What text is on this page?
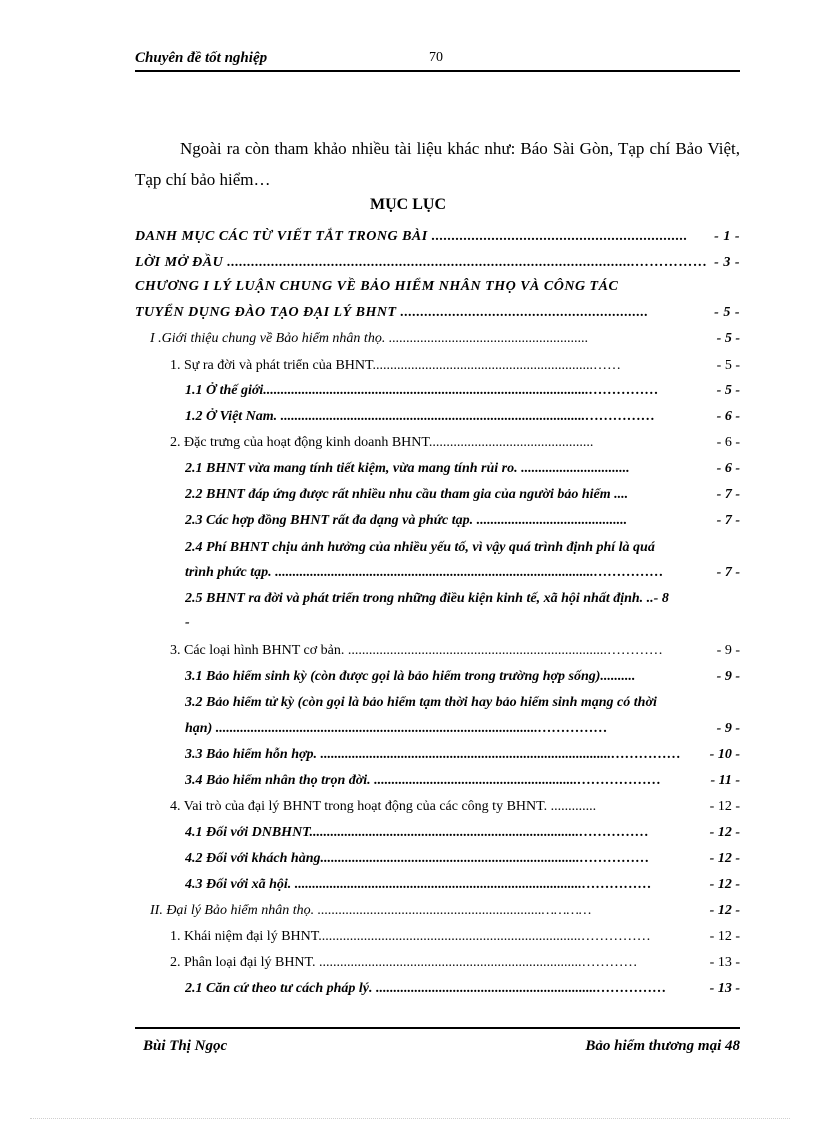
Chuyên đề tốt nghiệp	70
Ngoài ra còn tham khảo nhiều tài liệu khác như: Báo Sài Gòn, Tạp chí Bảo Việt, Tạp chí bảo hiểm…
MỤC LỤC
DANH MỤC CÁC TỪ VIẾT TẮT TRONG BÀI ................................................................ - 1 -
LỜI MỞ ĐẦU ......................................................................................................…………… - 3 -
CHƯƠNG I LÝ LUẬN CHUNG VỀ BẢO HIỂM NHÂN THỌ VÀ CÔNG TÁC
TUYỂN DỤNG ĐÀO TẠO ĐẠI LÝ BHNT ..............................................................	- 5 -
I .Giới thiệu chung về Bảo hiểm nhân thọ. .........................................................	- 5 -
1. Sự ra đời và phát triển của BHNT...............................................................……	- 5 -
1.1 Ở thế giới.............................................................................................……………	- 5 -
1.2 Ở Việt Nam. .......................................................................................……………	- 6 -
2. Đặc trưng của hoạt động kinh doanh BHNT...............................................	- 6 -
2.1 BHNT vừa mang tính tiết kiệm, vừa mang tính rủi ro. ...............................	- 6 -
2.2 BHNT đáp ứng được rất nhiều nhu cầu tham gia của người bảo hiểm ....	- 7 -
2.3 Các hợp đồng BHNT rất đa dạng và phức tạp. ...........................................	- 7 -
2.4 Phí BHNT chịu ảnh hưởng của nhiều yếu tố, vì vậy quá trình định phí là quá
trình phức tạp. ...........................................................................................……………	- 7 -
2.5 BHNT ra đời và phát triển trong những điều kiện kinh tế, xã hội nhất định. ..- 8
-
3. Các loại hình BHNT cơ bản. ..........................................................................…………	- 9 -
3.1 Bảo hiểm sinh kỳ (còn được gọi là bảo hiểm trong trường hợp sống)..........	- 9 -
3.2 Bảo hiểm tử kỳ (còn gọi là bảo hiểm tạm thời hay bảo hiểm sinh mạng có thời
hạn) ............................................................................................……………	- 9 -
3.3 Bảo hiểm hỗn hợp. ...................................................................................…………… - 10 -
3.4 Bảo hiểm nhân thọ trọn đời. ..........................................................………………	- 11 -
4. Vai trò của đại lý BHNT trong hoạt động của các công ty BHNT. .............	- 12 -
4.1 Đối với DNBHNT.............................................................................……………	- 12 -
4.2 Đối với khách hàng..........................................................................……………	- 12 -
4.3 Đối với xã hội. ..................................................................................……………	- 12 -
II. Đại lý Bảo hiểm nhân thọ. ................................................................…………	- 12 -
1. Khái niệm đại lý BHNT...........................................................................……………	- 12 -
2. Phân loại đại lý BHNT. ...........................................................................…………	- 13 -
2.1 Căn cứ theo tư cách pháp lý. ...............................................................……………	- 13 -
Bùi Thị Ngọc	Bảo hiểm thương mại 48
